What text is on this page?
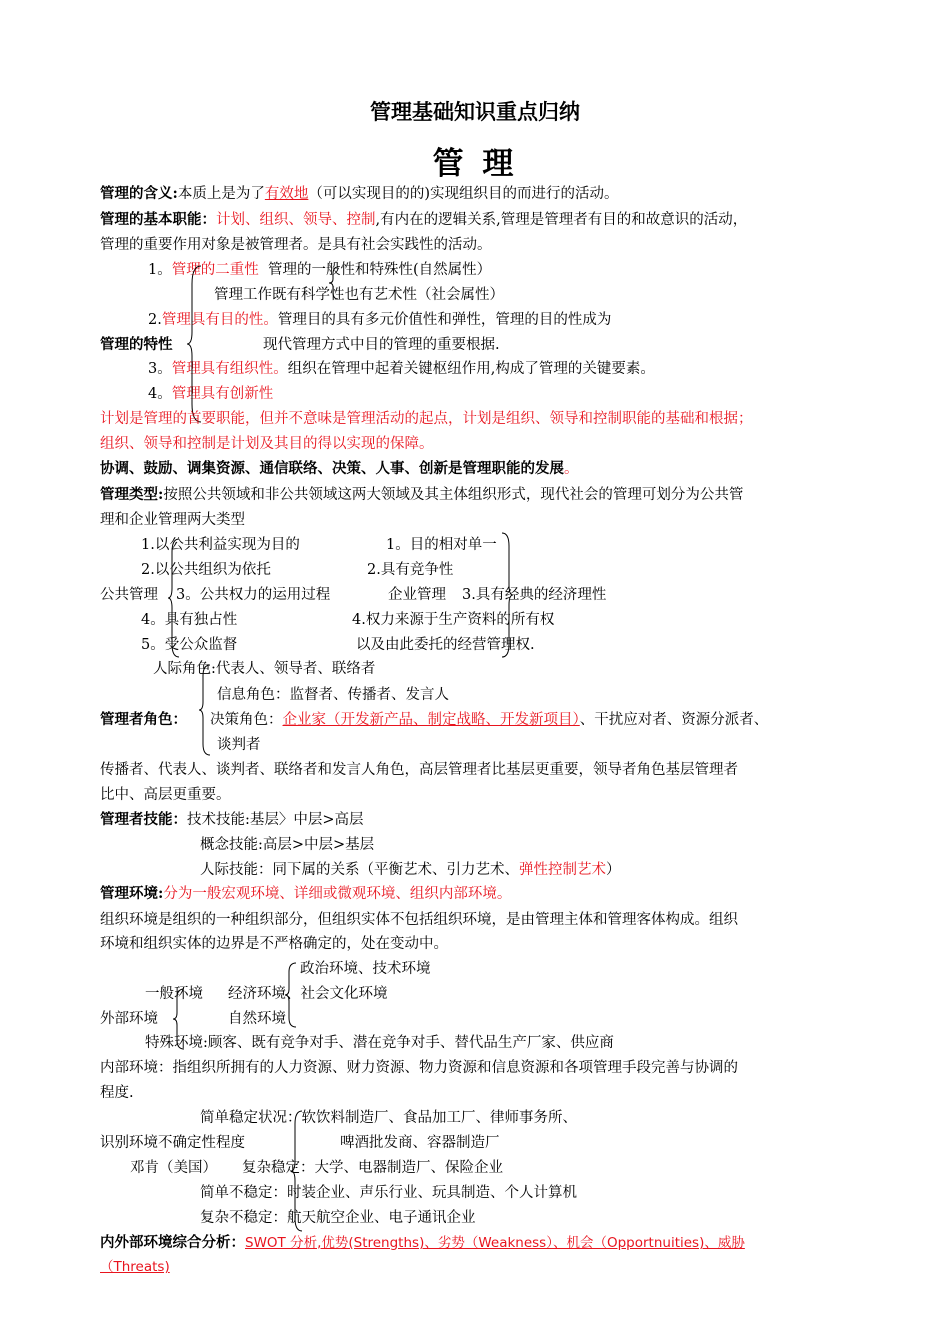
管理基础知识重点归纳
管 理
管理的含义:本质上是为了有效地（可以实现目的的)实现组织目的而进行的活动。
管理的基本职能：计划、组织、领导、控制,有内在的逻辑关系,管理是管理者有目的和故意识的活动，
管理的重要作用对象是被管理者。是具有社会实践性的活动。
1。管理的二重性 管理的一般性和特殊性(自然属性）
管理工作既有科学性也有艺术性（社会属性）
2.管理具有目的性。管理目的具有多元价值性和弹性，管理的目的性成为
管理的特性	现代管理方式中目的管理的重要根据.
3。管理具有组织性。组织在管理中起着关键枢纽作用,构成了管理的关键要素。
4。管理具有创新性
计划是管理的首要职能，但并不意味是管理活动的起点，计划是组织、领导和控制职能的基础和根据；
组织、领导和控制是计划及其目的得以实现的保障。
协调、鼓励、调集资源、通信联络、决策、人事、创新是管理职能的发展。
管理类型:按照公共领域和非公共领域这两大领域及其主体组织形式，现代社会的管理可划分为公共管
理和企业管理两大类型
1.以公共利益实现为目的	1。目的相对单一
2.以公共组织为依托	2.具有竞争性
公共管理 3。公共权力的运用过程	企业管理 3.具有经典的经济理性
4。具有独占性	4.权力来源于生产资料的所有权
5。受公众监督	以及由此委托的经营管理权.
人际角色:代表人、领导者、联络者
信息角色：监督者、传播者、发言人
管理者角色： 决策角色：企业家（开发新产品、制定战略、开发新项目）、干扰应对者、资源分派者、
谈判者
传播者、代表人、谈判者、联络者和发言人角色，高层管理者比基层更重要，领导者角色基层管理者
比中、高层更重要。
管理者技能：技术技能:基层〉中层>高层
概念技能:高层>中层>基层
人际技能：同下属的关系（平衡艺术、引力艺术、弹性控制艺术）
管理环境:分为一般宏观环境、详细或微观环境、组织内部环境。
组织环境是组织的一种组织部分，但组织实体不包括组织环境，是由管理主体和管理客体构成。组织
环境和组织实体的边界是不严格确定的，处在变动中。
政治环境、技术环境
一般环境 经济环境、社会文化环境
外部环境	自然环境
特殊环境:顾客、既有竞争对手、潜在竞争对手、替代品生产厂家、供应商
内部环境：指组织所拥有的人力资源、财力资源、物力资源和信息资源和各项管理手段完善与协调的
程度.
简单稳定状况：软饮料制造厂、食品加工厂、律师事务所、
识别环境不确定性程度	啤酒批发商、容器制造厂
邓肯（美国） 复杂稳定：大学、电器制造厂、保险企业
简单不稳定：时装企业、声乐行业、玩具制造、个人计算机
复杂不稳定：航天航空企业、电子通讯企业
内外部环境综合分析：SWOT 分析,优势(Strengths)、劣势（Weakness）、机会（Opportnuities)、威胁
（Threats)
